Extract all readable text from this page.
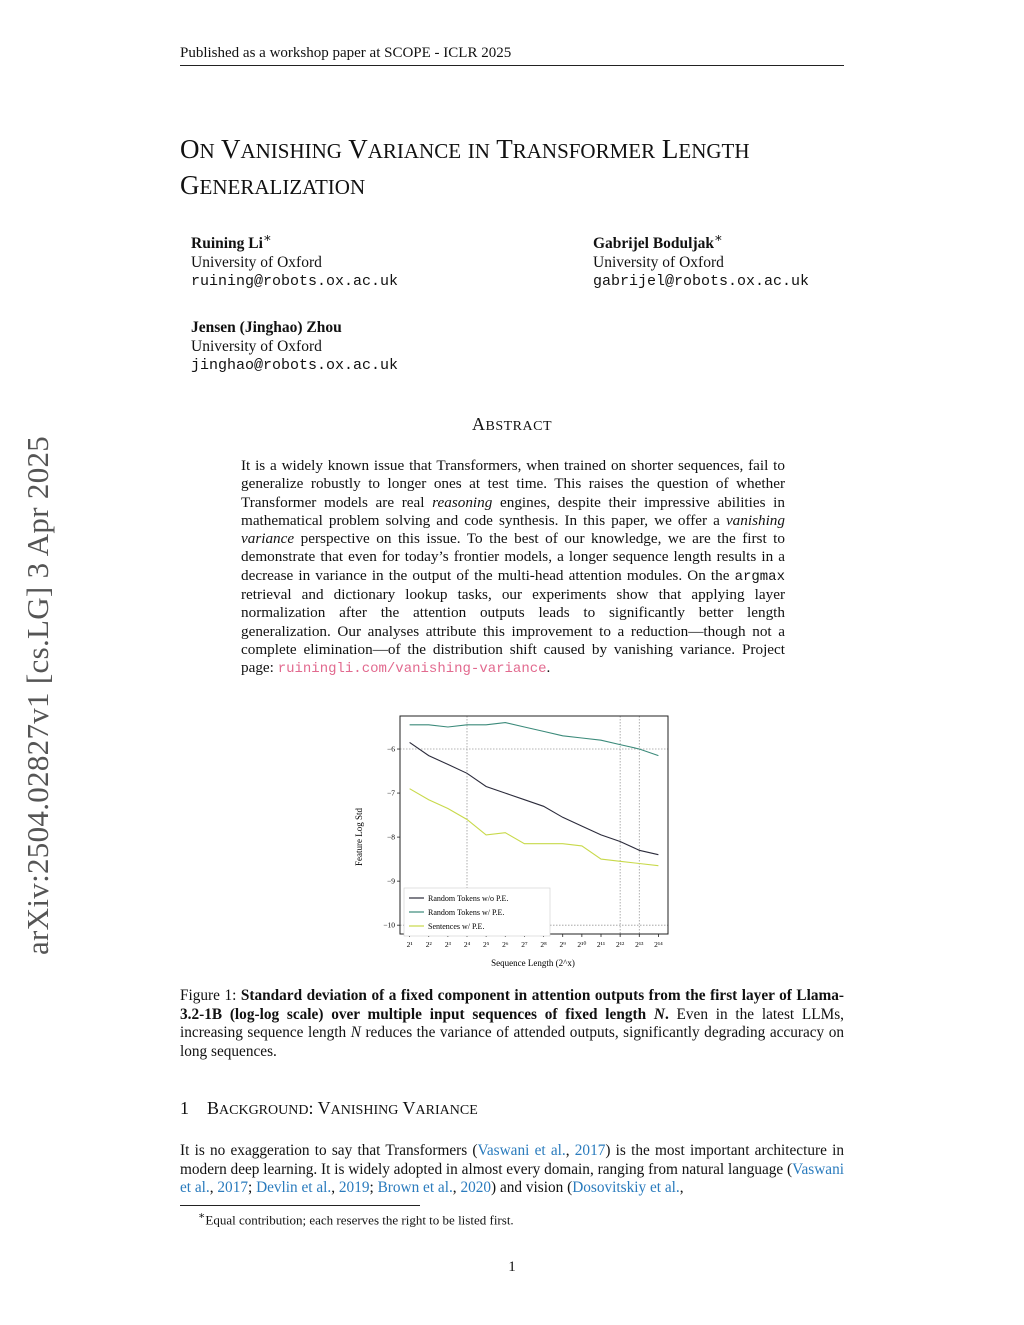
Published as a workshop paper at SCOPE - ICLR 2025
ON VANISHING VARIANCE IN TRANSFORMER LENGTH
GENERALIZATION
Ruining Li∗
University of Oxford
ruining@robots.ox.ac.uk
Gabrijel Boduljak∗
University of Oxford
gabrijel@robots.ox.ac.uk
Jensen (Jinghao) Zhou
University of Oxford
jinghao@robots.ox.ac.uk
arXiv:2504.02827v1 [cs.LG] 3 Apr 2025
ABSTRACT
It is a widely known issue that Transformers, when trained on shorter sequences, fail to generalize robustly to longer ones at test time. This raises the question of whether Transformer models are real reasoning engines, despite their impressive abilities in mathematical problem solving and code synthesis. In this paper, we offer a vanishing variance perspective on this issue. To the best of our knowledge, we are the first to demonstrate that even for today’s frontier models, a longer sequence length results in a decrease in variance in the output of the multi-head attention modules. On the argmax retrieval and dictionary lookup tasks, our experiments show that applying layer normalization after the attention outputs leads to significantly better length generalization. Our analyses attribute this improvement to a reduction—though not a complete elimination—of the distribution shift caused by vanishing variance. Project page: ruiningli.com/vanishing-variance.
2¹ 2² 2³ 2⁴ 2⁵ 2⁶ 2⁷ 2⁸ 2⁹ 2¹⁰ 2¹¹ 2¹² 2¹³ 2¹⁴
−6
−7
−8
−9
−10
Random Tokens w/o P.E.
Random Tokens w/ P.E.
Sentences w/ P.E.
Sequence Length (2^x)
Feature Log Std
Figure 1: Standard deviation of a fixed component in attention outputs from the first layer of Llama-3.2-1B (log-log scale) over multiple input sequences of fixed length N. Even in the latest LLMs, increasing sequence length N reduces the variance of attended outputs, significantly degrading accuracy on long sequences.
1 BACKGROUND: VANISHING VARIANCE
It is no exaggeration to say that Transformers (Vaswani et al., 2017) is the most important architecture in modern deep learning. It is widely adopted in almost every domain, ranging from natural language (Vaswani et al., 2017; Devlin et al., 2019; Brown et al., 2020) and vision (Dosovitskiy et al.,
∗Equal contribution; each reserves the right to be listed first.
1
